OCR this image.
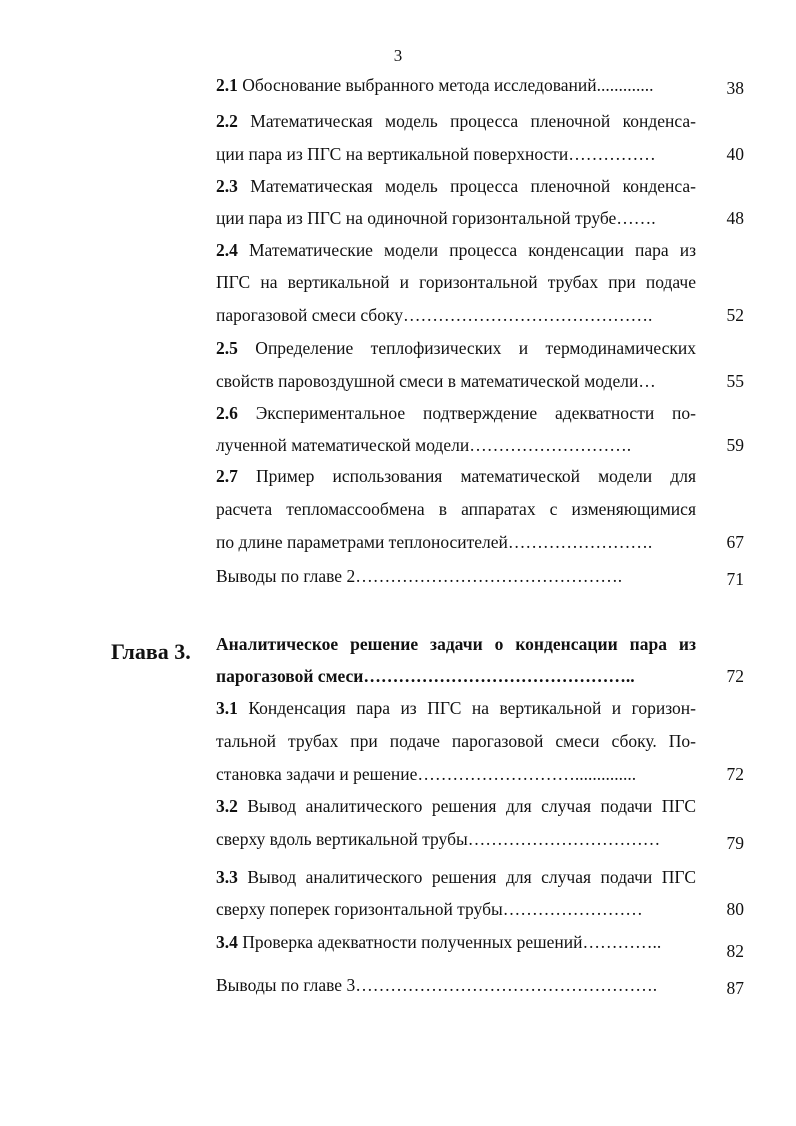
3
2.1 Обоснование выбранного метода исследований.............	38
2.2 Математическая модель процесса пленочной конденса-
ции пара из ПГС на вертикальной поверхности……………	40
2.3 Математическая модель процесса пленочной конденса-
ции пара из ПГС на одиночной горизонтальной трубе…….	48
2.4 Математические модели процесса конденсации пара из
ПГС на вертикальной и горизонтальной трубах при подаче
парогазовой смеси сбоку…………………………………….	52
2.5 Определение теплофизических и термодинамических
свойств паровоздушной смеси в математической модели…	55
2.6 Экспериментальное подтверждение адекватности по-
лученной математической модели……………………….	59
2.7 Пример использования математической модели для
расчета тепломассообмена в аппаратах с изменяющимися
по длине параметрами теплоносителей…………………….	67
Выводы по главе 2……………………………………….	71
Глава 3. Аналитическое решение задачи о конденсации пара из
парогазовой смеси………………………………………..	72
3.1 Конденсация пара из ПГС на вертикальной и горизон-
тальной трубах при подаче парогазовой смеси сбоку. По-
становка задачи и решение………………………..............	72
3.2 Вывод аналитического решения для случая подачи ПГС
сверху вдоль вертикальной трубы……………………………	79
3.3 Вывод аналитического решения для случая подачи ПГС
сверху поперек горизонтальной трубы……………………	80
3.4 Проверка адекватности полученных решений…………..	82
Выводы по главе 3…………………………………………….	87
